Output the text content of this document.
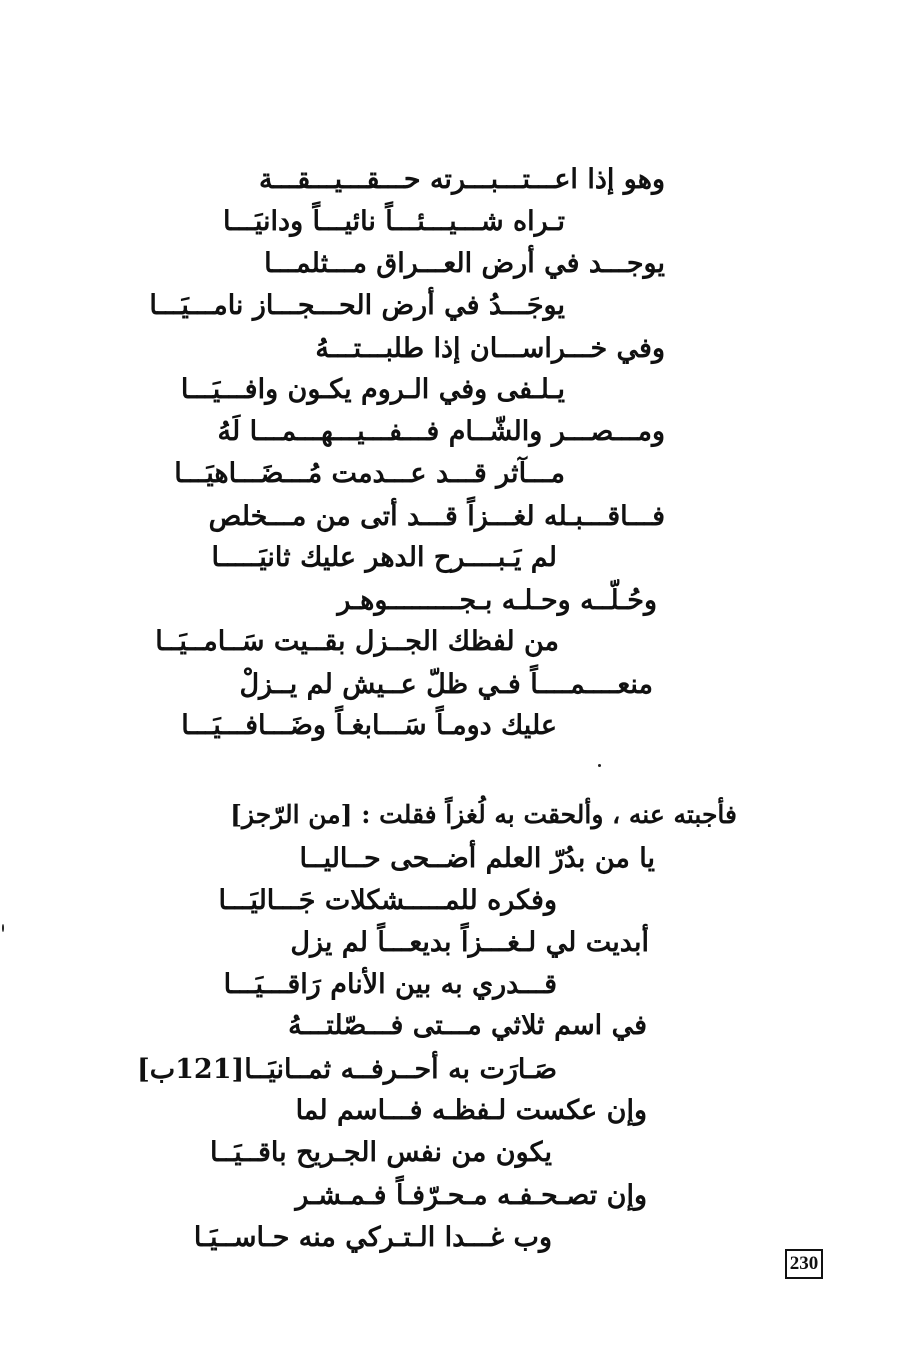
وهو إذا اعـــتـــبـــرته حـــقـــيـــقـــة
تـراه شـــيـــئـــاً نائيـــاً ودانيَـــا
يوجـــد في أرض العـــراق مـــثلمـــا
يوجَـــدُ في أرض الحـــجـــاز نامـــيَـــا
وفي خـــراســـان إذا طلبـــتـــهُ
يـلـفى وفي الـروم يكـون وافـــيَـــا
ومـــصـــر والشّــام فـــفـــيـــهـــمـــا لَهُ
مـــآثر قـــد عـــدمت مُـــضَـــاهيَـــا
فـــاقـــبـله لغـــزاً قـــد أتى من مـــخلص
لم يَـبــــرح الدهر عليك ثانيَـــــا
وحُـلّــه وحـلـه بـجـــــــــوهـر
من لفظك الجــزل بقــيت سَــامــيَــا
منعــــمــــاً فـي ظلّ عــيش لم يــزلْ
عليك دومـاً سَـــابغـاً وضَـــافـــيَـــا
فأجبته عنه ، وألحقت به لُغزاً فقلت : [من الرّجز]
يا من بدُرّ العلم أضــحى حــاليــا
وفكره للمـــــشكلات جَـــاليَـــا
أبديت لي لـغـــزاً بديعـــاً لم يزل
قـــدري به بين الأنام رَاقـــيَـــا
في اسم ثلاثي مـــتى فـــصّلتـــهُ
صَـارَت به أحــرفــه ثمــانيَــا[121ب]
وإن عكست لـفظـه فـــاسم لما
يكون من نفس الجـريح باقــيَــا
وإن تصـحـفـه مـحـرّفـاً فـمـشـر
وب غـــدا الـتـركي منه حـاســيَـا
230
